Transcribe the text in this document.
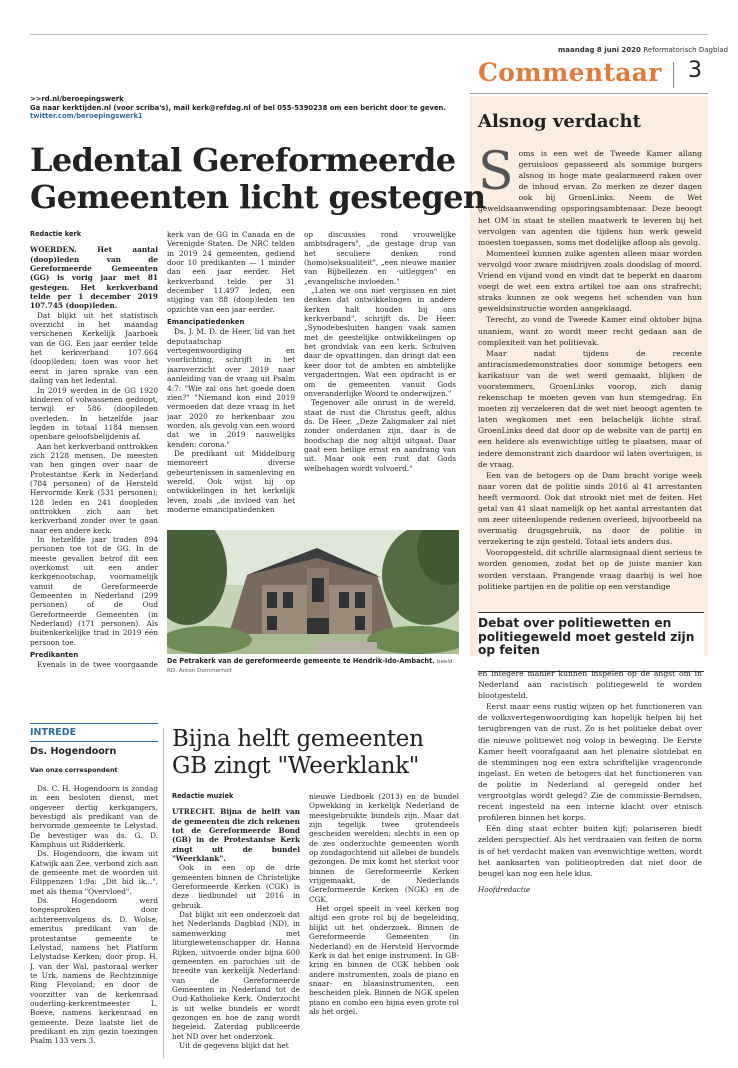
maandag 8 juni 2020 Reformatorisch Dagblad
Commentaar 3
>>rd.nl/beroepingswerk
Ga naar kerktijden.nl (voor scriba's), mail kerk@refdag.nl of bel 055-5390238 om een bericht door te geven.
twitter.com/beroepingswerk1
Ledental Gereformeerde
Gemeenten licht gestegen
Redactie kerk

WOERDEN. Het aantal (doop)leden van de Gereformeerde Gemeenten (GG) is vorig jaar met 81 gestegen. Het kerkverband telde per 1 december 2019 107.745 (doop)leden.

Dat blijkt uit het statistisch overzicht in het maandag verschenen Kerkelijk Jaarboek van de GG. Een jaar eerder telde het kerkverband 107.664 (doop)leden; toen was voor het eerst in jaren sprake van een daling van het ledental.

In 2019 werden in de GG 1920 kinderen of volwassenen gedoopt, terwijl er 586 (doop)leden overleden. In hetzelfde jaar legden in totaal 1184 mensen openbare geloofsbelijdenis af.

Aan het kerkverband onttrokken zich 2128 mensen. De meesten van hen gingen over naar de Protestantse Kerk in Nederland (784 personen) of de Hersteld Hervormde Kerk (531 personen); 128 leden en 241 doopleden onttrokken zich aan het kerkverband zonder over te gaan naar een andere kerk.

In hetzelfde jaar traden 894 personen toe tot de GG. In de meeste gevallen betrof dit een overkomst uit een ander kerkgenootschap, voornamelijk vanuit de Gereformeerde Gemeenten in Nederland (299 personen) of de Oud Gereformeerde Gemeenten (in Nederland) (171 personen). Als buitenkerkelijke trad in 2019 één persoon toe.

Predikanten

Evenals in de twee voorgaande

kerk van de GG in Canada en de Verenigde Staten. De NRC telden in 2019 24 gemeenten, gediend door 10 predikanten — 1 minder dan een jaar eerder. Het kerkverband telde per 31 december 11.497 leden, een stijging van 88 (doop)leden ten opzichte van een jaar eerder.

Emancipatiedenken

Ds. J. M. D. de Heer, lid van het deputaatschap vertegenwoordiging en voorlichting, schrijft in het jaaroverzicht over 2019 naar aanleiding van de vraag uit Psalm 4:7: "Wie zal ons het goede doen zien?" "Niemand kon eind 2019 vermoeden dat deze vraag in het jaar 2020 zo herkenbaar zou worden, als gevolg van een woord dat we in 2019 nauwelijks kenden: corona."

De predikant uit Middelburg memoreert diverse gebeurtenissen in samenleving en wereld. Ook wijst hij op ontwikkelingen in het kerkelijk leven, zoals „de invloed van het moderne emancipatiedenken

op discussies rond vrouwelijke ambtsdragers", „de gestage drup van het seculiere denken rond (homo)seksualiteit", „een nieuwe manier van Bijbellezen en -uitleggen" en „evangelische invloeden."

„Laten we ons niet vergissen en niet denken dat ontwikkelingen in andere kerken halt houden bij ons kerkverband", schrijft ds. De Heer. „Synodebesluiten hangen vaak samen met de geestelijke ontwikkelingen op het grondvlak van een kerk. Schuiven daar de opvattingen, dan dringt dat een keer door tot de ambten en ambtelijke vergaderingen. Wat een opdracht is er om de gemeenten vanuit Gods onveranderlijke Woord te onderwijzen."

Tegenover alle onrust in de wereld, staat de rust die Christus geeft, aldus ds. De Heer. „Deze Zaligmaker zal niet zonder onderdanen zijn, daar is de boodschap die nog altijd uitgaat. Daar gaat een heilige ernst en aandrang van uit. Maar ook een rust dat Gods welbehagen wordt volvoerd."

De Petrakerk van de gereformeerde gemeente te Hendrik-Ido-Ambacht. beeld RD, Anton Dommerholt
INTREDE
Ds. Hogendoorn
Van onze correspondent

Ds. C. H. Hogendoorn is zondag in een besloten dienst, met ongeveer dertig kerkgangers, bevestigd als predikant van de hervormde gemeente te Lelystad. De bevestiger was ds. G. D. Kamphuis uit Ridderkerk.

Ds. Hogendoorn, die kwam uit Katwijk aan Zee, verbond zich aan de gemeente met de woorden uit Filippenzen 1:9a: „Dit bid ik...", met als thema "Overvloed".

Ds. Hogendoorn werd toegesproken door achtereenvolgens ds. D. Wolse, emeritus predikant van de protestantse gemeente te Lelystad, namens het Platform Lelystadse Kerken; door prop. H. J. van der Wal, pastoraal werker te Urk, namens de Rechtzinnige Ring Flevoland; en door de voorzitter van de kerkenraad ouderling-kerkrentmeester L. Boeve, namens kerkenraad en gemeente. Deze laatste liet de predikant en zijn gezin toezingen Psalm 133 vers 3.

Bijna helft gemeenten
GB zingt "Weerklank"
Redactie muziek

UTRECHT. Bijna de helft van de gemeenten die zich rekenen tot de Gereformeerde Bond (GB) in de Protestantse Kerk zingt uit de bundel "Weerklank".

Ook in een op de drie gemeenten binnen de Christelijke Gereformeerde Kerken (CGK) is deze liedbundel uit 2016 in gebruik.

Dat blijkt uit een onderzoek dat het Nederlands Dagblad (ND), in samenwerking met liturgiewetenschapper dr. Hanna Rijken, uitvoerde onder bijna 600 gemeenten en parochies uit de breedte van kerkelijk Nederland: van de Gereformeerde Gemeenten in Nederland tot de Oud-Katholieke Kerk. Onderzocht is uit welke bundels er wordt gezongen en hoe de zang wordt begeleid. Zaterdag publiceerde het ND over het onderzoek.

Uit de gegevens blijkt dat het

nieuwe Liedboek (2013) en de bundel Opwekking in kerkelijk Nederland de meestgebruikte bundels zijn. Maar dat zijn tegelijk twee grotendeels gescheiden werelden: slechts in een op de zes onderzochte gemeenten wordt op zondagochtend uit allebei de bundels gezongen. De mix komt het sterkst voor binnen de Gereformeerde Kerken vrijgemaakt, de Nederlands Gereformeerde Kerken (NGK) en de CGK.

Het orgel speelt in veel kerken nog altijd een grote rol bij de begeleiding, blijkt uit het onderzoek. Binnen de Gereformeerde Gemeenten (in Nederland) en de Hersteld Hervormde Kerk is dat het enige instrument. In GB-kring en binnen de CGK hebben ook andere instrumenten, zoals de piano en snaar- en blaasinstrumenten, een bescheiden plek. Binnen de NGK spelen piano en combo een bijna even grote rol als het orgel.

Alsnog verdacht

Soms is een wet de Tweede Kamer allang geruisloos gepasseerd als sommige burgers alsnog in hoge mate gealarmeerd raken over de inhoud ervan. Zo merken ze dezer dagen ook bij GroenLinks. Neem de Wet geweldsaanwending opsporingsambtenaar. Deze beoogt het OM in staat te stellen maatwerk te leveren bij het vervolgen van agenten die tijdens hun werk geweld moesten toepassen, soms met dodelijke afloop als gevolg.

Momenteel kunnen zulke agenten alleen maar worden vervolgd voor zware misdrijven zoals doodslag of moord. Vriend en vijand vond en vindt dat te beperkt en daarom voegt de wet een extra artikel toe aan ons strafrecht; straks kunnen ze ook wegens het schenden van hun geweldsinstructie worden aangeklaagd.

Terecht, zo vond de Tweede Kamer eind oktober bijna unaniem, want zo wordt meer recht gedaan aan de complexiteit van het politievak.

Maar nadat tijdens de recente antiracismedemonstraties door sommige betogers een karikatuur van de wet werd gemaakt, blijken de voorstemmers, GroenLinks voorop, zich danig rekenschap te moeten geven van hun stemgedrag. En moeten zij verzekeren dat de wet niet beoogt agenten te laten wegkomen met een belachelijk lichte straf. GroenLinks deed dat door op de website van de partij en een heldere als evenwichtige uitleg te plaatsen, maar of iedere demonstrant zich daardoor wil laten overtuigen, is de vraag.

Een van de betogers op de Dam bracht vorige week naar voren dat de politie sinds 2016 al 41 arrestanten heeft vermoord. Ook dat strookt niet met de feiten. Het getal van 41 slaat namelijk op het aantal arrestanten dat om zeer uiteenlopende redenen overleed, bijvoorbeeld na overmatig drugsgebruik, na door de politie in verzekering te zijn gesteld. Totaal iets anders dus.

Vooropgesteld, dit schrille alarmsignaal dient serieus te worden genomen, zodat het op de juiste manier kan worden verstaan. Prangende vraag daarbij is wel hoe politieke partijen en de politie op een verstandige

Debat over politiewetten en politiegeweld moet gesteld zijn op feiten

en integere manier kunnen inspelen op de angst om in Nederland aan racistisch politiegeweld te worden blootgesteld.

Eerst maar eens rustig wijzen op het functioneren van de volksvertegenwoordiging kan hopelijk helpen bij het terugbrengen van de rust. Zo is het politieke debat over die nieuwe politiewet nog volop in beweging. De Eerste Kamer heeft voorafgaand aan het plenaire slotdebat en de stemmingen nog een extra schriftelijke vragenronde ingelast. En weten de betogers dat het functioneren van de politie in Nederland al geregeld onder het vergrootglas wordt gelegd? Zie de commissie-Berndsen, recent ingesteld na een interne klacht over etnisch profileren binnen het korps.

Eén ding staat echter buiten kijf: polariseren biedt zelden perspectief. Als het verdraaien van feiten de norm is of het verdacht maken van evenwichtige wetten, wordt het aankaarten van politieoptreden dat niet door de beugel kan nog een hele klus.

Hoofdredactie
